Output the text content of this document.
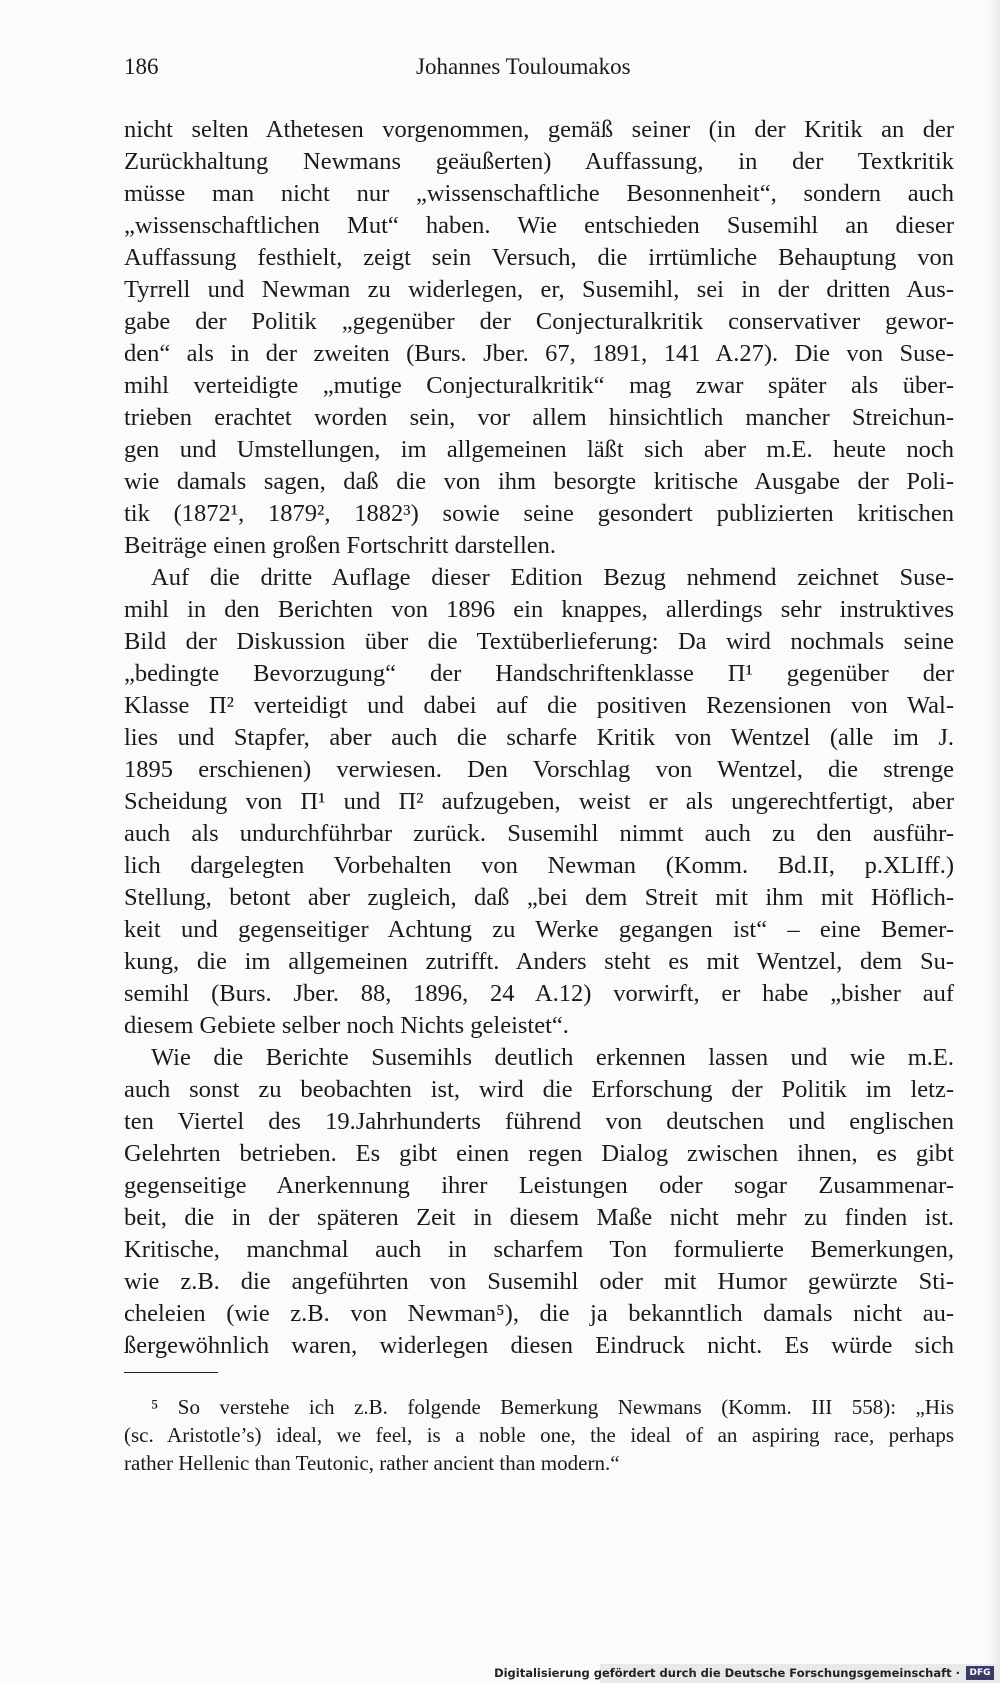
186	Johannes Touloumakos
nicht selten Athetesen vorgenommen, gemäß seiner (in der Kritik an der
Zurückhaltung Newmans geäußerten) Auffassung, in der Textkritik
müsse man nicht nur „wissenschaftliche Besonnenheit“, sondern auch
„wissenschaftlichen Mut“ haben. Wie entschieden Susemihl an dieser
Auffassung festhielt, zeigt sein Versuch, die irrtümliche Behauptung von
Tyrrell und Newman zu widerlegen, er, Susemihl, sei in der dritten Aus-
gabe der Politik „gegenüber der Conjecturalkritik conservativer gewor-
den“ als in der zweiten (Burs. Jber. 67, 1891, 141 A.27). Die von Suse-
mihl verteidigte „mutige Conjecturalkritik“ mag zwar später als über-
trieben erachtet worden sein, vor allem hinsichtlich mancher Streichun-
gen und Umstellungen, im allgemeinen läßt sich aber m.E. heute noch
wie damals sagen, daß die von ihm besorgte kritische Ausgabe der Poli-
tik (1872¹, 1879², 1882³) sowie seine gesondert publizierten kritischen
Beiträge einen großen Fortschritt darstellen.
Auf die dritte Auflage dieser Edition Bezug nehmend zeichnet Suse-
mihl in den Berichten von 1896 ein knappes, allerdings sehr instruktives
Bild der Diskussion über die Textüberlieferung: Da wird nochmals seine
„bedingte Bevorzugung“ der Handschriftenklasse Π¹ gegenüber der
Klasse Π² verteidigt und dabei auf die positiven Rezensionen von Wal-
lies und Stapfer, aber auch die scharfe Kritik von Wentzel (alle im J.
1895 erschienen) verwiesen. Den Vorschlag von Wentzel, die strenge
Scheidung von Π¹ und Π² aufzugeben, weist er als ungerechtfertigt, aber
auch als undurchführbar zurück. Susemihl nimmt auch zu den ausführ-
lich dargelegten Vorbehalten von Newman (Komm. Bd.II, p.XLIff.)
Stellung, betont aber zugleich, daß „bei dem Streit mit ihm mit Höflich-
keit und gegenseitiger Achtung zu Werke gegangen ist“ – eine Bemer-
kung, die im allgemeinen zutrifft. Anders steht es mit Wentzel, dem Su-
semihl (Burs. Jber. 88, 1896, 24 A.12) vorwirft, er habe „bisher auf
diesem Gebiete selber noch Nichts geleistet“.
Wie die Berichte Susemihls deutlich erkennen lassen und wie m.E.
auch sonst zu beobachten ist, wird die Erforschung der Politik im letz-
ten Viertel des 19.Jahrhunderts führend von deutschen und englischen
Gelehrten betrieben. Es gibt einen regen Dialog zwischen ihnen, es gibt
gegenseitige Anerkennung ihrer Leistungen oder sogar Zusammenar-
beit, die in der späteren Zeit in diesem Maße nicht mehr zu finden ist.
Kritische, manchmal auch in scharfem Ton formulierte Bemerkungen,
wie z.B. die angeführten von Susemihl oder mit Humor gewürzte Sti-
cheleien (wie z.B. von Newman⁵), die ja bekanntlich damals nicht au-
ßergewöhnlich waren, widerlegen diesen Eindruck nicht. Es würde sich
⁵ So verstehe ich z.B. folgende Bemerkung Newmans (Komm. III 558): „His
(sc. Aristotle’s) ideal, we feel, is a noble one, the ideal of an aspiring race, perhaps
rather Hellenic than Teutonic, rather ancient than modern.“
Digitalisierung gefördert durch die Deutsche Forschungsgemeinschaft ·	DFG
